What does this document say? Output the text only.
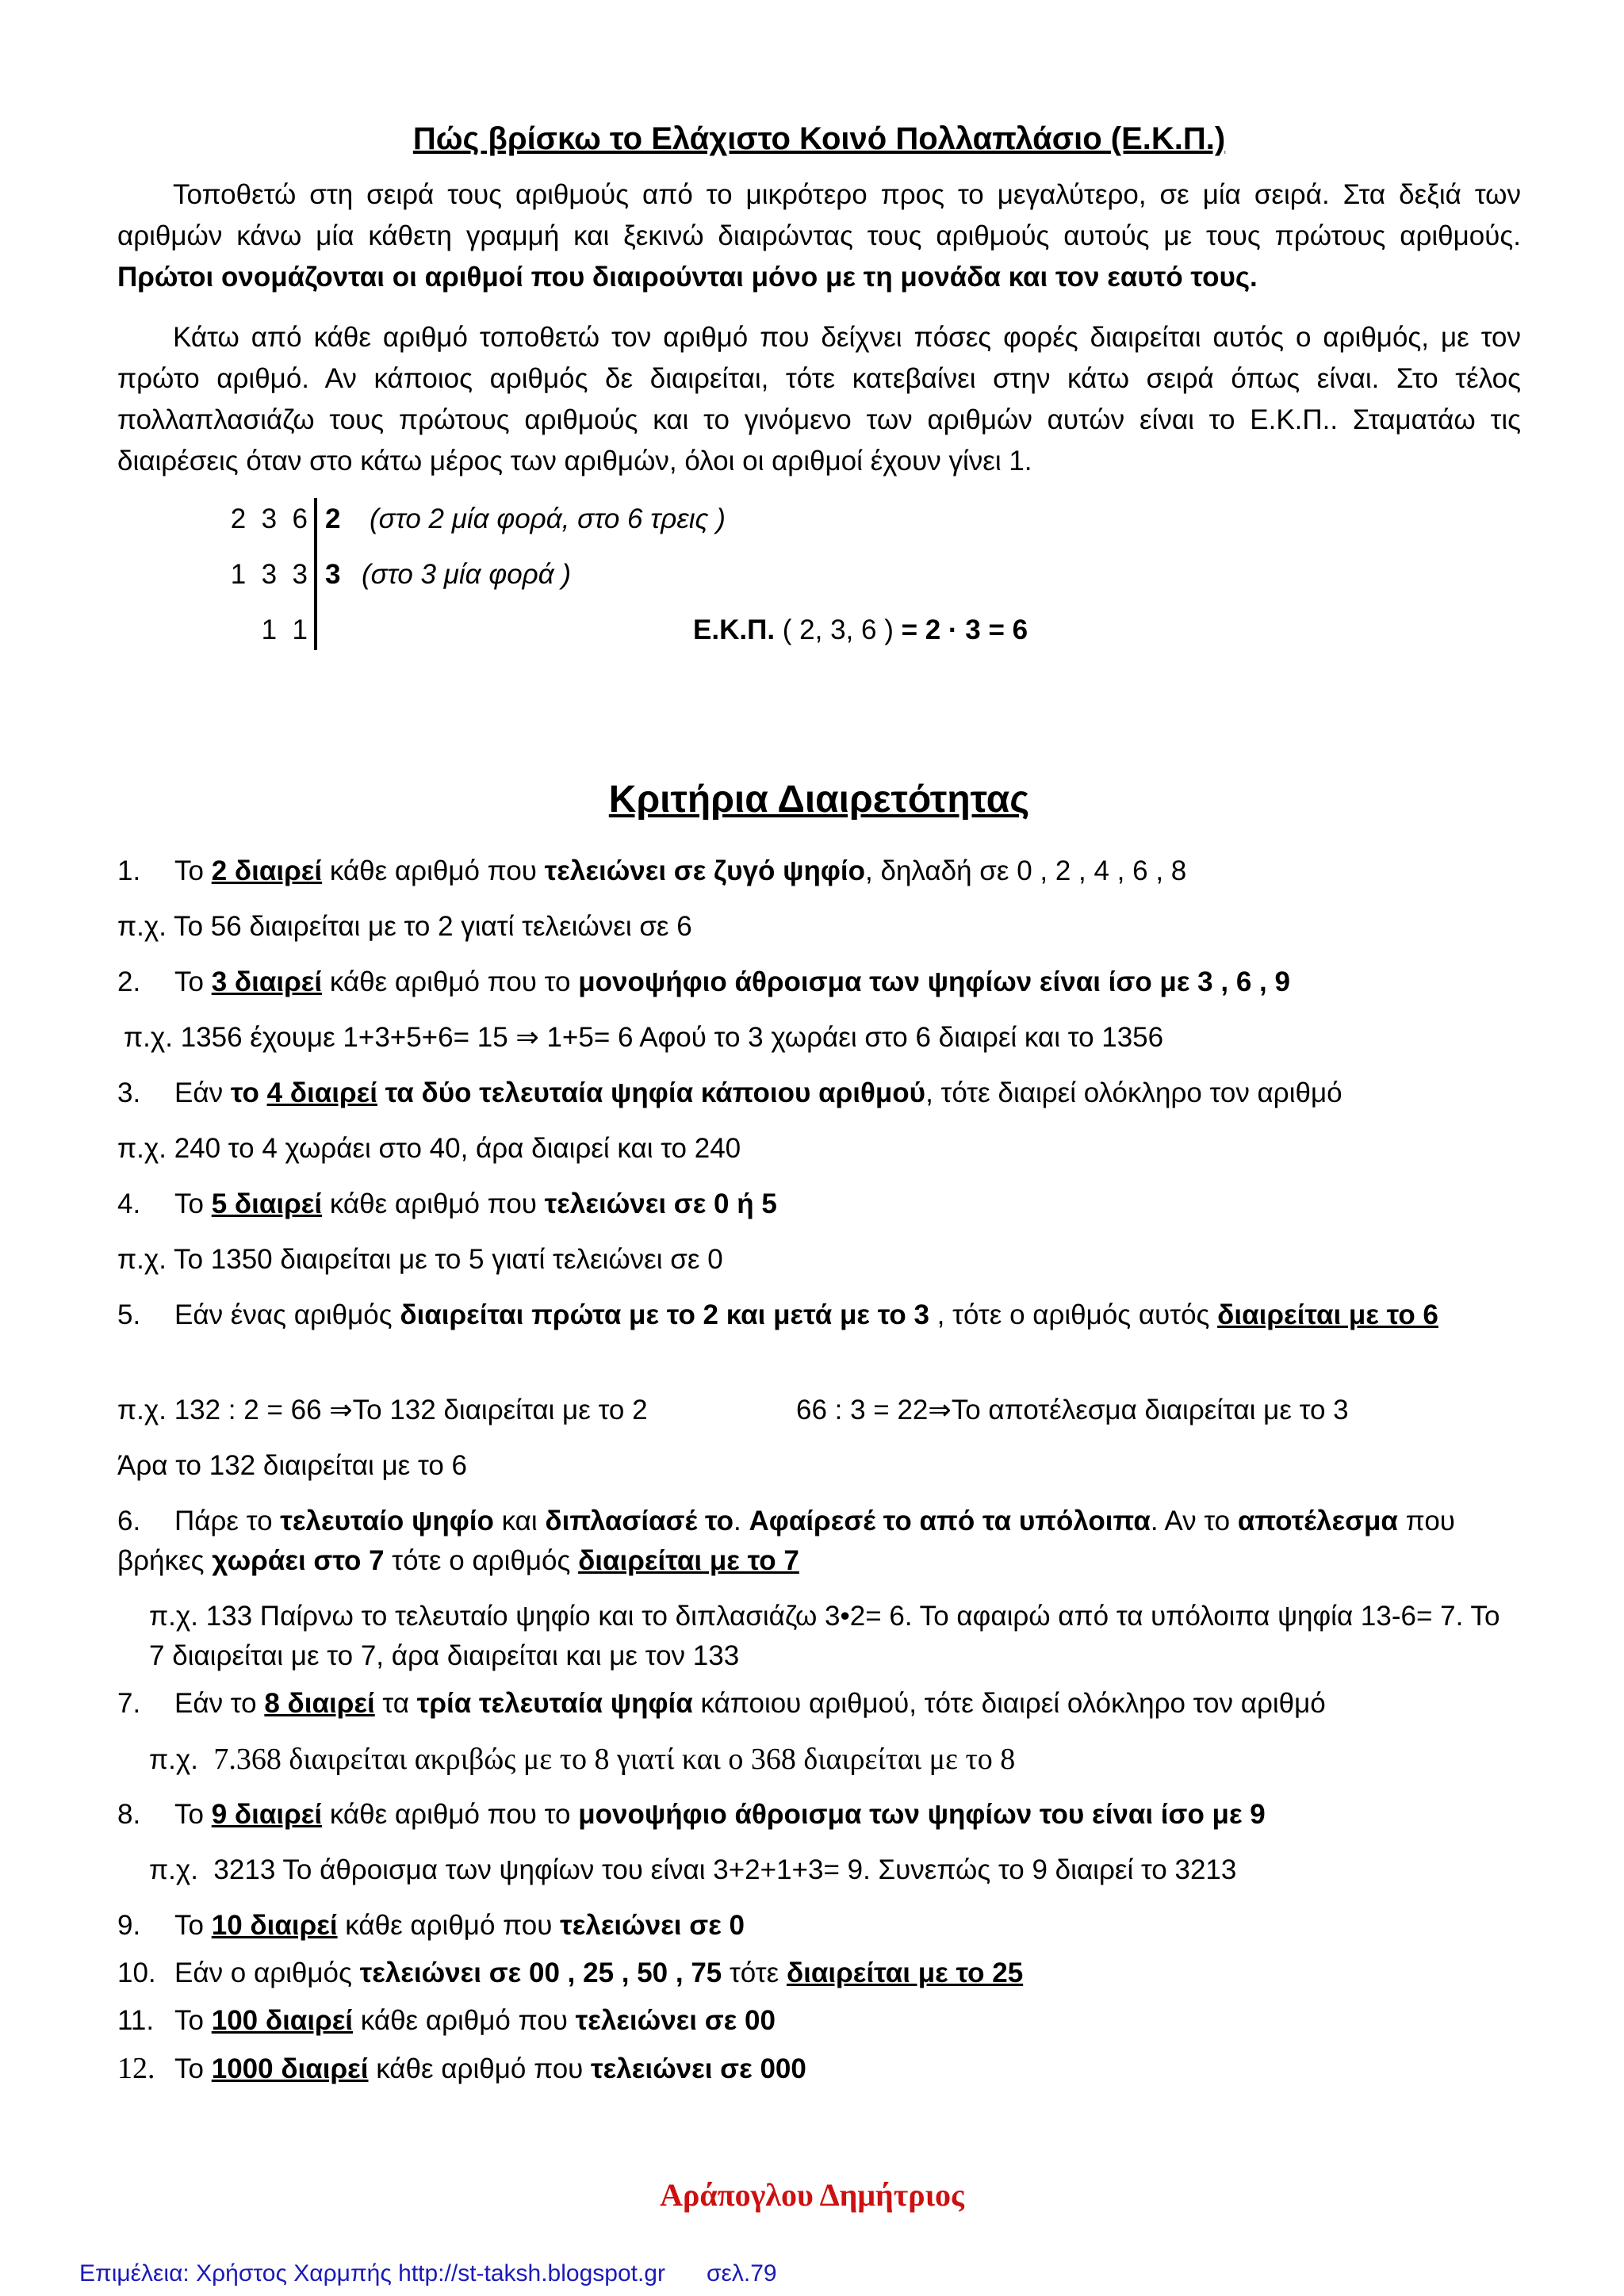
Πώς βρίσκω το Ελάχιστο Κοινό Πολλαπλάσιο (Ε.Κ.Π.)
Τοποθετώ στη σειρά τους αριθμούς από το μικρότερο προς το μεγαλύτερο, σε μία σειρά. Στα δεξιά των αριθμών κάνω μία κάθετη γραμμή και ξεκινώ διαιρώντας τους αριθμούς αυτούς με τους πρώτους αριθμούς. Πρώτοι ονομάζονται οι αριθμοί που διαιρούνται μόνο με τη μονάδα και τον εαυτό τους.
Κάτω από κάθε αριθμό τοποθετώ τον αριθμό που δείχνει πόσες φορές διαιρείται αυτός ο αριθμός, με τον πρώτο αριθμό. Αν κάποιος αριθμός δε διαιρείται, τότε κατεβαίνει στην κάτω σειρά όπως είναι. Στο τέλος πολλαπλασιάζω τους πρώτους αριθμούς και το γινόμενο των αριθμών αυτών είναι το Ε.Κ.Π.. Σταματάω τις διαιρέσεις όταν στο κάτω μέρος των αριθμών, όλοι οι αριθμοί έχουν γίνει 1.
2  3  6 2 (στο 2 μία φορά, στο 6 τρεις )
1  3  3 3 (στο 3 μία φορά )
1  1	Ε.Κ.Π. ( 2, 3, 6 ) = 2 · 3 = 6
Κριτήρια Διαιρετότητας
1. Το 2 διαιρεί κάθε αριθμό που τελειώνει σε ζυγό ψηφίο, δηλαδή σε 0 , 2 , 4 , 6 , 8
π.χ. Το 56 διαιρείται με το 2 γιατί τελειώνει σε 6
2. Το 3 διαιρεί κάθε αριθμό που το μονοψήφιο άθροισμα των ψηφίων είναι ίσο με 3 , 6 , 9
π.χ. 1356 έχουμε 1+3+5+6= 15 ⇒ 1+5= 6 Αφού το 3 χωράει στο 6 διαιρεί και το 1356
3. Εάν το 4 διαιρεί τα δύο τελευταία ψηφία κάποιου αριθμού, τότε διαιρεί ολόκληρο τον αριθμό
π.χ. 240 το 4 χωράει στο 40, άρα διαιρεί και το 240
4. Το 5 διαιρεί κάθε αριθμό που τελειώνει σε 0 ή 5
π.χ. Το 1350 διαιρείται με το 5 γιατί τελειώνει σε 0
5. Εάν ένας αριθμός διαιρείται πρώτα με το 2 και μετά με το 3 , τότε ο αριθμός αυτός διαιρείται με το 6
π.χ. 132 : 2 = 66 ⇒Το 132 διαιρείται με το 2	66 : 3 = 22⇒Το αποτέλεσμα διαιρείται με το 3
Άρα το 132 διαιρείται με το 6
6. Πάρε το τελευταίο ψηφίο και διπλασίασέ το. Αφαίρεσέ το από τα υπόλοιπα. Αν το αποτέλεσμα που βρήκες χωράει στο 7 τότε ο αριθμός διαιρείται με το 7
π.χ. 133 Παίρνω το τελευταίο ψηφίο και το διπλασιάζω 3•2= 6. Το αφαιρώ από τα υπόλοιπα ψηφία 13-6= 7. Το 7 διαιρείται με το 7, άρα διαιρείται και με τον 133
7. Εάν το 8 διαιρεί τα τρία τελευταία ψηφία κάποιου αριθμού, τότε διαιρεί ολόκληρο τον αριθμό
π.χ. 7.368 διαιρείται ακριβώς με το 8 γιατί και ο 368 διαιρείται με το 8
8. Το 9 διαιρεί κάθε αριθμό που το μονοψήφιο άθροισμα των ψηφίων του είναι ίσο με 9
π.χ. 3213 Το άθροισμα των ψηφίων του είναι 3+2+1+3= 9. Συνεπώς το 9 διαιρεί το 3213
9. Το 10 διαιρεί κάθε αριθμό που τελειώνει σε 0
10. Εάν ο αριθμός τελειώνει σε 00 , 25 , 50 , 75 τότε διαιρείται με το 25
11. Το 100 διαιρεί κάθε αριθμό που τελειώνει σε 00
12. Το 1000 διαιρεί κάθε αριθμό που τελειώνει σε 000
Αράπογλου Δημήτριος
Επιμέλεια: Χρήστος Χαρμπής http://st-taksh.blogspot.gr σελ.79
